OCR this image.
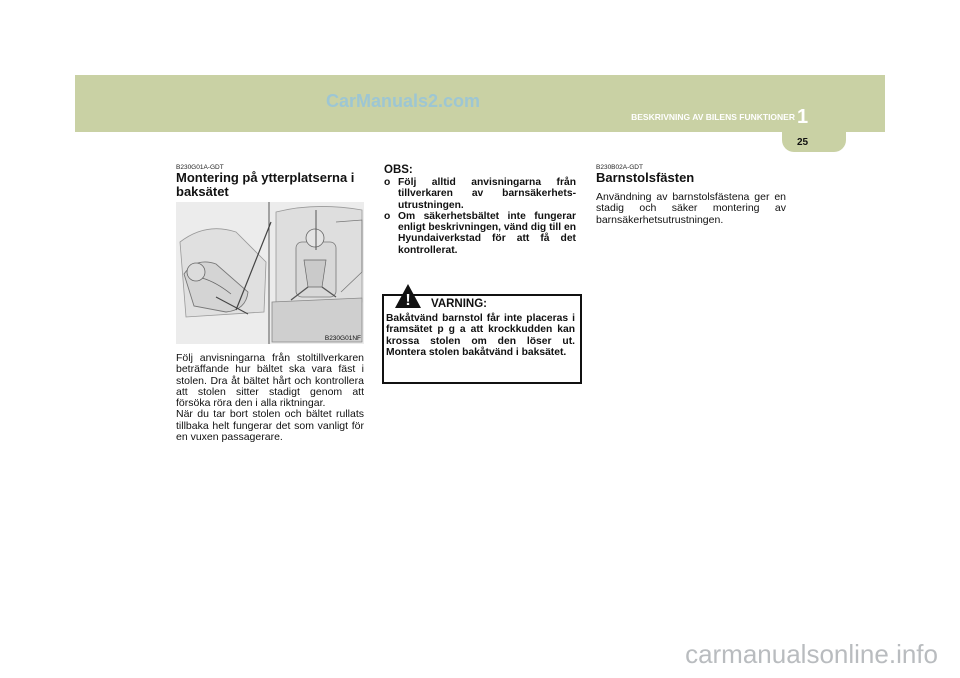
CarManuals2.com
BESKRIVNING AV BILENS FUNKTIONER 1
25
B230G01A-GDT
Montering på ytterplatserna i baksätet
B230G01NF
Följ anvisningarna från stoltillverkaren beträffande hur bältet ska vara fäst i stolen. Dra åt bältet hårt och kontrollera att stolen sitter stadigt genom att försöka röra den i alla riktningar.
När du tar bort stolen och bältet rullats tillbaka helt fungerar det som vanligt för en vuxen passagerare.
OBS:
o Följ alltid anvisningarna från tillverkaren av barnsäkerhets-utrustningen.
o Om säkerhetsbältet inte fungerar enligt beskrivningen, vänd dig till en Hyundaiverkstad för att få det kontrollerat.
! VARNING:
Bakåtvänd barnstol får inte placeras i framsätet p g a att krockkudden kan krossa stolen om den löser ut. Montera stolen bakåtvänd i baksätet.
B230B02A-GDT
Barnstolsfästen
Användning av barnstolsfästena ger en stadig och säker montering av barnsäkerhetsutrustningen.
carmanualsonline.info
